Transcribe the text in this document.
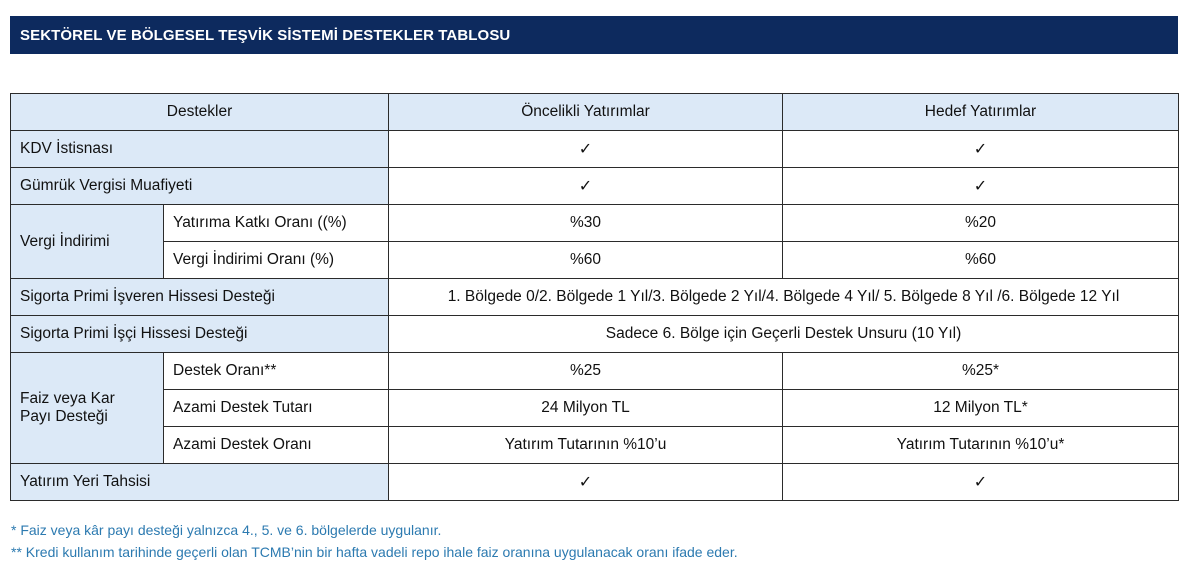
SEKTÖREL VE BÖLGESEL TEŞVİK SİSTEMİ DESTEKLER TABLOSU
Destekler		Öncelikli Yatırımlar	Hedef Yatırımlar
KDV İstisnası		✓	✓
Gümrük Vergisi Muafiyeti		✓	✓
Vergi İndirimi	Yatırıma Katkı Oranı ((%)	%30	%20
	Vergi İndirimi Oranı (%)	%60	%60
Sigorta Primi İşveren Hissesi Desteği		1. Bölgede 0/2. Bölgede 1 Yıl/3. Bölgede 2 Yıl/4. Bölgede 4 Yıl/ 5. Bölgede 8 Yıl /6. Bölgede 12 Yıl	
Sigorta Primi İşçi Hissesi Desteği		Sadece 6. Bölge için Geçerli Destek Unsuru (10 Yıl)	
Faiz veya Kar Payı Desteği	Destek Oranı**	%25	%25*
	Azami Destek Tutarı	24 Milyon TL	12 Milyon TL*
	Azami Destek Oranı	Yatırım Tutarının %10’u	Yatırım Tutarının %10’u*
Yatırım Yeri Tahsisi		✓	✓
* Faiz veya kâr payı desteği yalnızca 4., 5. ve 6. bölgelerde uygulanır.
** Kredi kullanım tarihinde geçerli olan TCMB’nin bir hafta vadeli repo ihale faiz oranına uygulanacak oranı ifade eder.
